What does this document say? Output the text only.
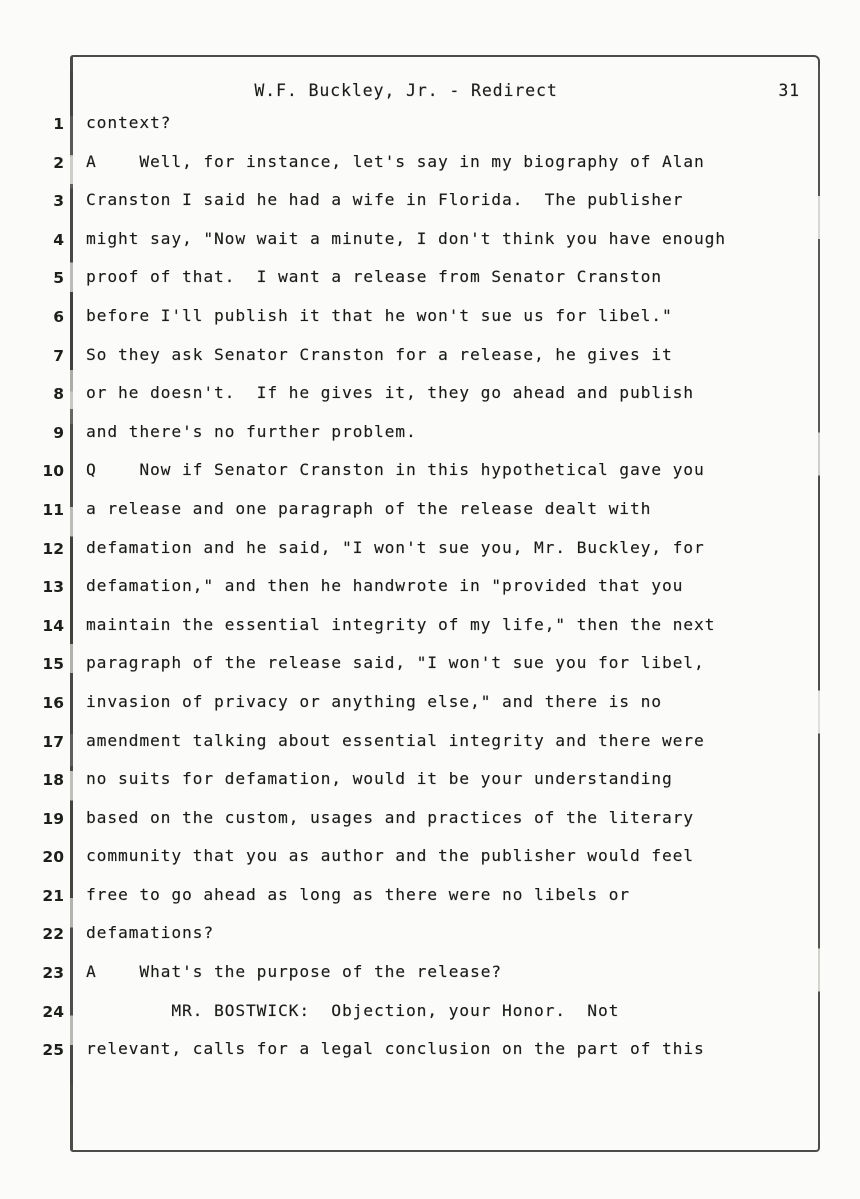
W.F. Buckley, Jr. - Redirect	31
1 context?
2 A    Well, for instance, let's say in my biography of Alan
3 Cranston I said he had a wife in Florida.  The publisher
4 might say, "Now wait a minute, I don't think you have enough
5 proof of that.  I want a release from Senator Cranston
6 before I'll publish it that he won't sue us for libel."
7 So they ask Senator Cranston for a release, he gives it
8 or he doesn't.  If he gives it, they go ahead and publish
9 and there's no further problem.
10 Q    Now if Senator Cranston in this hypothetical gave you
11 a release and one paragraph of the release dealt with
12 defamation and he said, "I won't sue you, Mr. Buckley, for
13 defamation," and then he handwrote in "provided that you
14 maintain the essential integrity of my life," then the next
15 paragraph of the release said, "I won't sue you for libel,
16 invasion of privacy or anything else," and there is no
17 amendment talking about essential integrity and there were
18 no suits for defamation, would it be your understanding
19 based on the custom, usages and practices of the literary
20 community that you as author and the publisher would feel
21 free to go ahead as long as there were no libels or
22 defamations?
23 A    What's the purpose of the release?
24 MR. BOSTWICK:  Objection, your Honor.  Not
25 relevant, calls for a legal conclusion on the part of this
